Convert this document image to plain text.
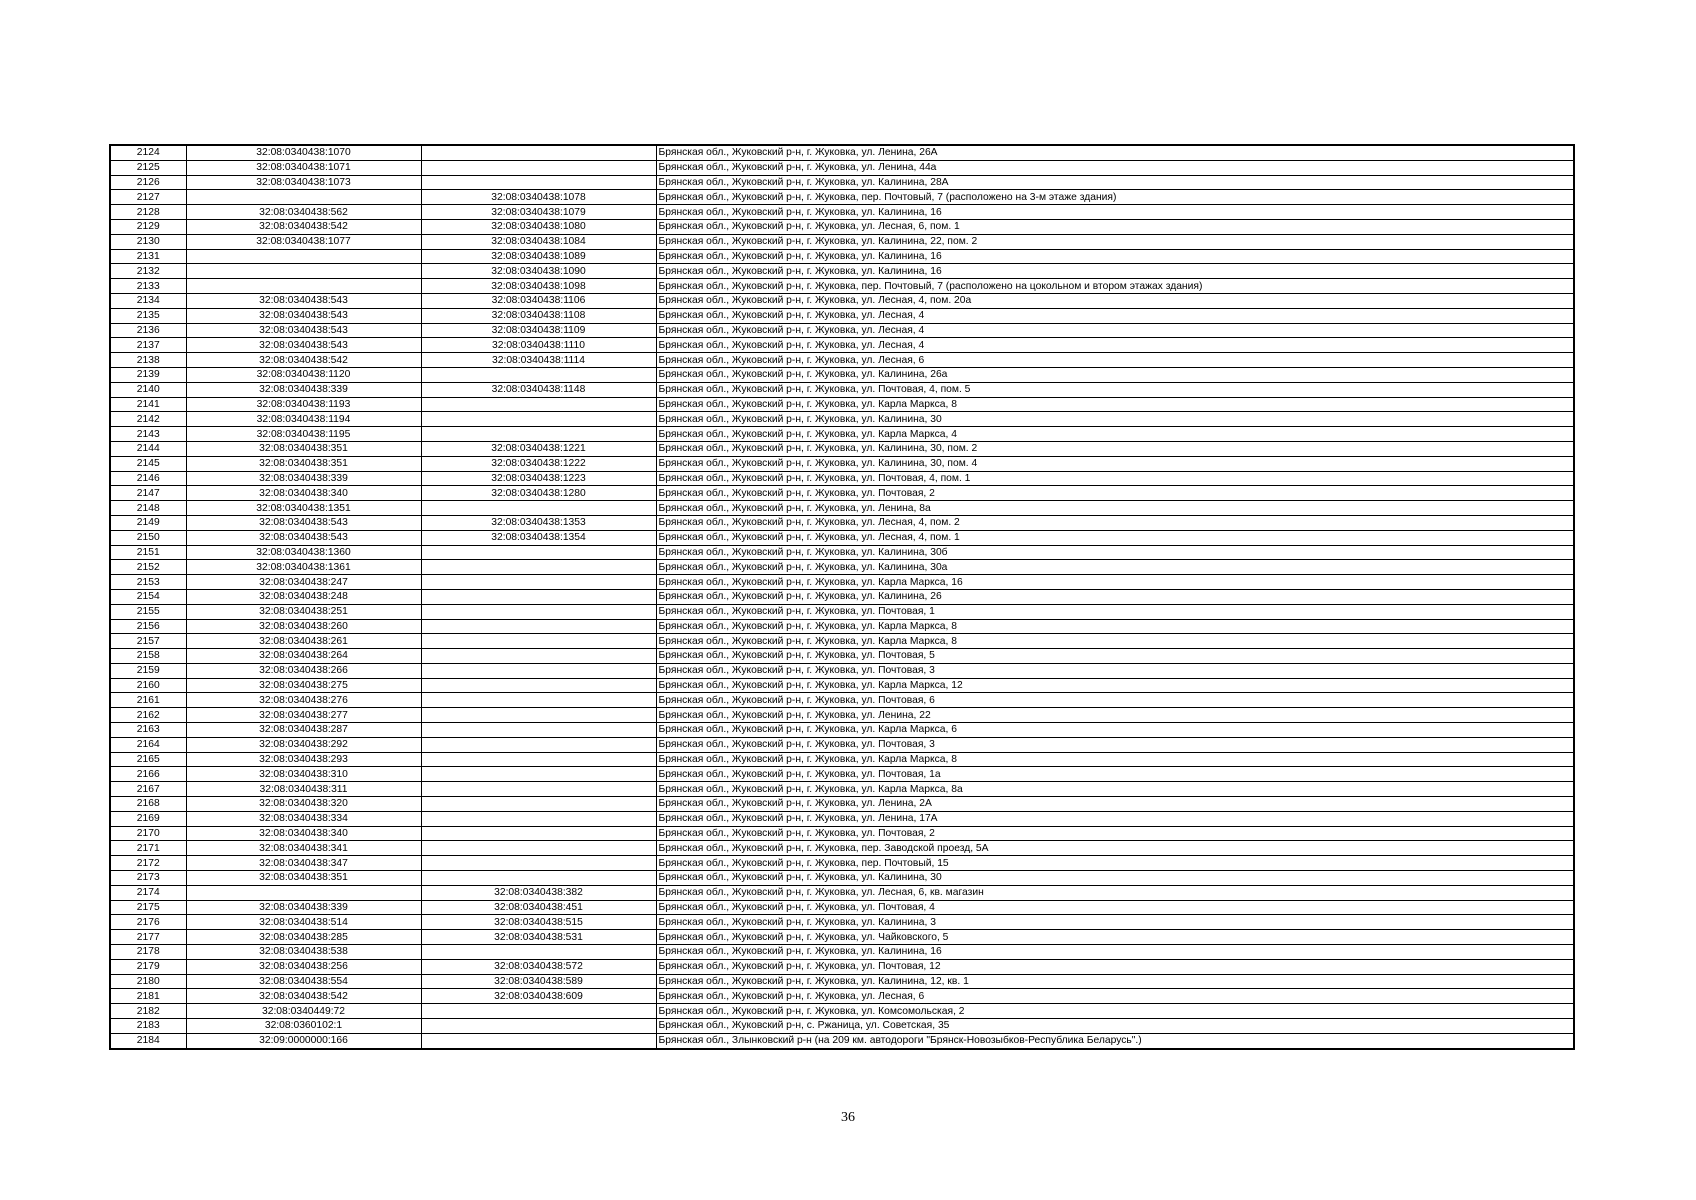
2124	32:08:0340438:1070		Брянская обл., Жуковский р-н, г. Жуковка, ул. Ленина, 26А
2125	32:08:0340438:1071		Брянская обл., Жуковский р-н, г. Жуковка, ул. Ленина, 44а
2126	32:08:0340438:1073		Брянская обл., Жуковский р-н, г. Жуковка, ул. Калинина, 28А
2127		32:08:0340438:1078	Брянская обл., Жуковский р-н, г. Жуковка, пер. Почтовый, 7 (расположено на 3-м этаже здания)
2128	32:08:0340438:562	32:08:0340438:1079	Брянская обл., Жуковский р-н, г. Жуковка, ул. Калинина, 16
2129	32:08:0340438:542	32:08:0340438:1080	Брянская обл., Жуковский р-н, г. Жуковка, ул. Лесная, 6, пом. 1
2130	32:08:0340438:1077	32:08:0340438:1084	Брянская обл., Жуковский р-н, г. Жуковка, ул. Калинина, 22, пом. 2
2131		32:08:0340438:1089	Брянская обл., Жуковский р-н, г. Жуковка, ул. Калинина, 16
2132		32:08:0340438:1090	Брянская обл., Жуковский р-н, г. Жуковка, ул. Калинина, 16
2133		32:08:0340438:1098	Брянская обл., Жуковский р-н, г. Жуковка, пер. Почтовый, 7 (расположено на цокольном и втором этажах здания)
2134	32:08:0340438:543	32:08:0340438:1106	Брянская обл., Жуковский р-н, г. Жуковка, ул. Лесная, 4, пом. 20а
2135	32:08:0340438:543	32:08:0340438:1108	Брянская обл., Жуковский р-н, г. Жуковка, ул. Лесная, 4
2136	32:08:0340438:543	32:08:0340438:1109	Брянская обл., Жуковский р-н, г. Жуковка, ул. Лесная, 4
2137	32:08:0340438:543	32:08:0340438:1110	Брянская обл., Жуковский р-н, г. Жуковка, ул. Лесная, 4
2138	32:08:0340438:542	32:08:0340438:1114	Брянская обл., Жуковский р-н, г. Жуковка, ул. Лесная, 6
2139	32:08:0340438:1120		Брянская обл., Жуковский р-н, г. Жуковка, ул. Калинина, 26а
2140	32:08:0340438:339	32:08:0340438:1148	Брянская обл., Жуковский р-н, г. Жуковка, ул. Почтовая, 4, пом. 5
2141	32:08:0340438:1193		Брянская обл., Жуковский р-н, г. Жуковка, ул. Карла Маркса, 8
2142	32:08:0340438:1194		Брянская обл., Жуковский р-н, г. Жуковка, ул. Калинина, 30
2143	32:08:0340438:1195		Брянская обл., Жуковский р-н, г. Жуковка, ул. Карла Маркса, 4
2144	32:08:0340438:351	32:08:0340438:1221	Брянская обл., Жуковский р-н, г. Жуковка, ул. Калинина, 30, пом. 2
2145	32:08:0340438:351	32:08:0340438:1222	Брянская обл., Жуковский р-н, г. Жуковка, ул. Калинина, 30, пом. 4
2146	32:08:0340438:339	32:08:0340438:1223	Брянская обл., Жуковский р-н, г. Жуковка, ул. Почтовая, 4, пом. 1
2147	32:08:0340438:340	32:08:0340438:1280	Брянская обл., Жуковский р-н, г. Жуковка, ул. Почтовая, 2
2148	32:08:0340438:1351		Брянская обл., Жуковский р-н, г. Жуковка, ул. Ленина, 8а
2149	32:08:0340438:543	32:08:0340438:1353	Брянская обл., Жуковский р-н, г. Жуковка, ул. Лесная, 4, пом. 2
2150	32:08:0340438:543	32:08:0340438:1354	Брянская обл., Жуковский р-н, г. Жуковка, ул. Лесная, 4, пом. 1
2151	32:08:0340438:1360		Брянская обл., Жуковский р-н, г. Жуковка, ул. Калинина, 30б
2152	32:08:0340438:1361		Брянская обл., Жуковский р-н, г. Жуковка, ул. Калинина, 30а
2153	32:08:0340438:247		Брянская обл., Жуковский р-н, г. Жуковка, ул. Карла Маркса, 16
2154	32:08:0340438:248		Брянская обл., Жуковский р-н, г. Жуковка, ул. Калинина, 26
2155	32:08:0340438:251		Брянская обл., Жуковский р-н, г. Жуковка, ул. Почтовая, 1
2156	32:08:0340438:260		Брянская обл., Жуковский р-н, г. Жуковка, ул. Карла Маркса, 8
2157	32:08:0340438:261		Брянская обл., Жуковский р-н, г. Жуковка, ул. Карла Маркса, 8
2158	32:08:0340438:264		Брянская обл., Жуковский р-н, г. Жуковка, ул. Почтовая, 5
2159	32:08:0340438:266		Брянская обл., Жуковский р-н, г. Жуковка, ул. Почтовая, 3
2160	32:08:0340438:275		Брянская обл., Жуковский р-н, г. Жуковка, ул. Карла Маркса, 12
2161	32:08:0340438:276		Брянская обл., Жуковский р-н, г. Жуковка, ул. Почтовая, 6
2162	32:08:0340438:277		Брянская обл., Жуковский р-н, г. Жуковка, ул. Ленина, 22
2163	32:08:0340438:287		Брянская обл., Жуковский р-н, г. Жуковка, ул. Карла Маркса, 6
2164	32:08:0340438:292		Брянская обл., Жуковский р-н, г. Жуковка, ул. Почтовая, 3
2165	32:08:0340438:293		Брянская обл., Жуковский р-н, г. Жуковка, ул. Карла Маркса, 8
2166	32:08:0340438:310		Брянская обл., Жуковский р-н, г. Жуковка, ул. Почтовая, 1а
2167	32:08:0340438:311		Брянская обл., Жуковский р-н, г. Жуковка, ул. Карла Маркса, 8а
2168	32:08:0340438:320		Брянская обл., Жуковский р-н, г. Жуковка, ул. Ленина, 2А
2169	32:08:0340438:334		Брянская обл., Жуковский р-н, г. Жуковка, ул. Ленина, 17А
2170	32:08:0340438:340		Брянская обл., Жуковский р-н, г. Жуковка, ул. Почтовая, 2
2171	32:08:0340438:341		Брянская обл., Жуковский р-н, г. Жуковка, пер. Заводской проезд, 5А
2172	32:08:0340438:347		Брянская обл., Жуковский р-н, г. Жуковка, пер. Почтовый, 15
2173	32:08:0340438:351		Брянская обл., Жуковский р-н, г. Жуковка, ул. Калинина, 30
2174		32:08:0340438:382	Брянская обл., Жуковский р-н, г. Жуковка, ул. Лесная, 6, кв. магазин
2175	32:08:0340438:339	32:08:0340438:451	Брянская обл., Жуковский р-н, г. Жуковка, ул. Почтовая, 4
2176	32:08:0340438:514	32:08:0340438:515	Брянская обл., Жуковский р-н, г. Жуковка, ул. Калинина, 3
2177	32:08:0340438:285	32:08:0340438:531	Брянская обл., Жуковский р-н, г. Жуковка, ул. Чайковского, 5
2178	32:08:0340438:538		Брянская обл., Жуковский р-н, г. Жуковка, ул. Калинина, 16
2179	32:08:0340438:256	32:08:0340438:572	Брянская обл., Жуковский р-н, г. Жуковка, ул. Почтовая, 12
2180	32:08:0340438:554	32:08:0340438:589	Брянская обл., Жуковский р-н, г. Жуковка, ул. Калинина, 12, кв. 1
2181	32:08:0340438:542	32:08:0340438:609	Брянская обл., Жуковский р-н, г. Жуковка, ул. Лесная, 6
2182	32:08:0340449:72		Брянская обл., Жуковский р-н, г. Жуковка, ул. Комсомольская, 2
2183	32:08:0360102:1		Брянская обл., Жуковский р-н, с. Ржаница, ул. Советская, 35
2184	32:09:0000000:166		Брянская обл., Злынковский р-н (на 209 км. автодороги "Брянск-Новозыбков-Республика Беларусь".)
36
